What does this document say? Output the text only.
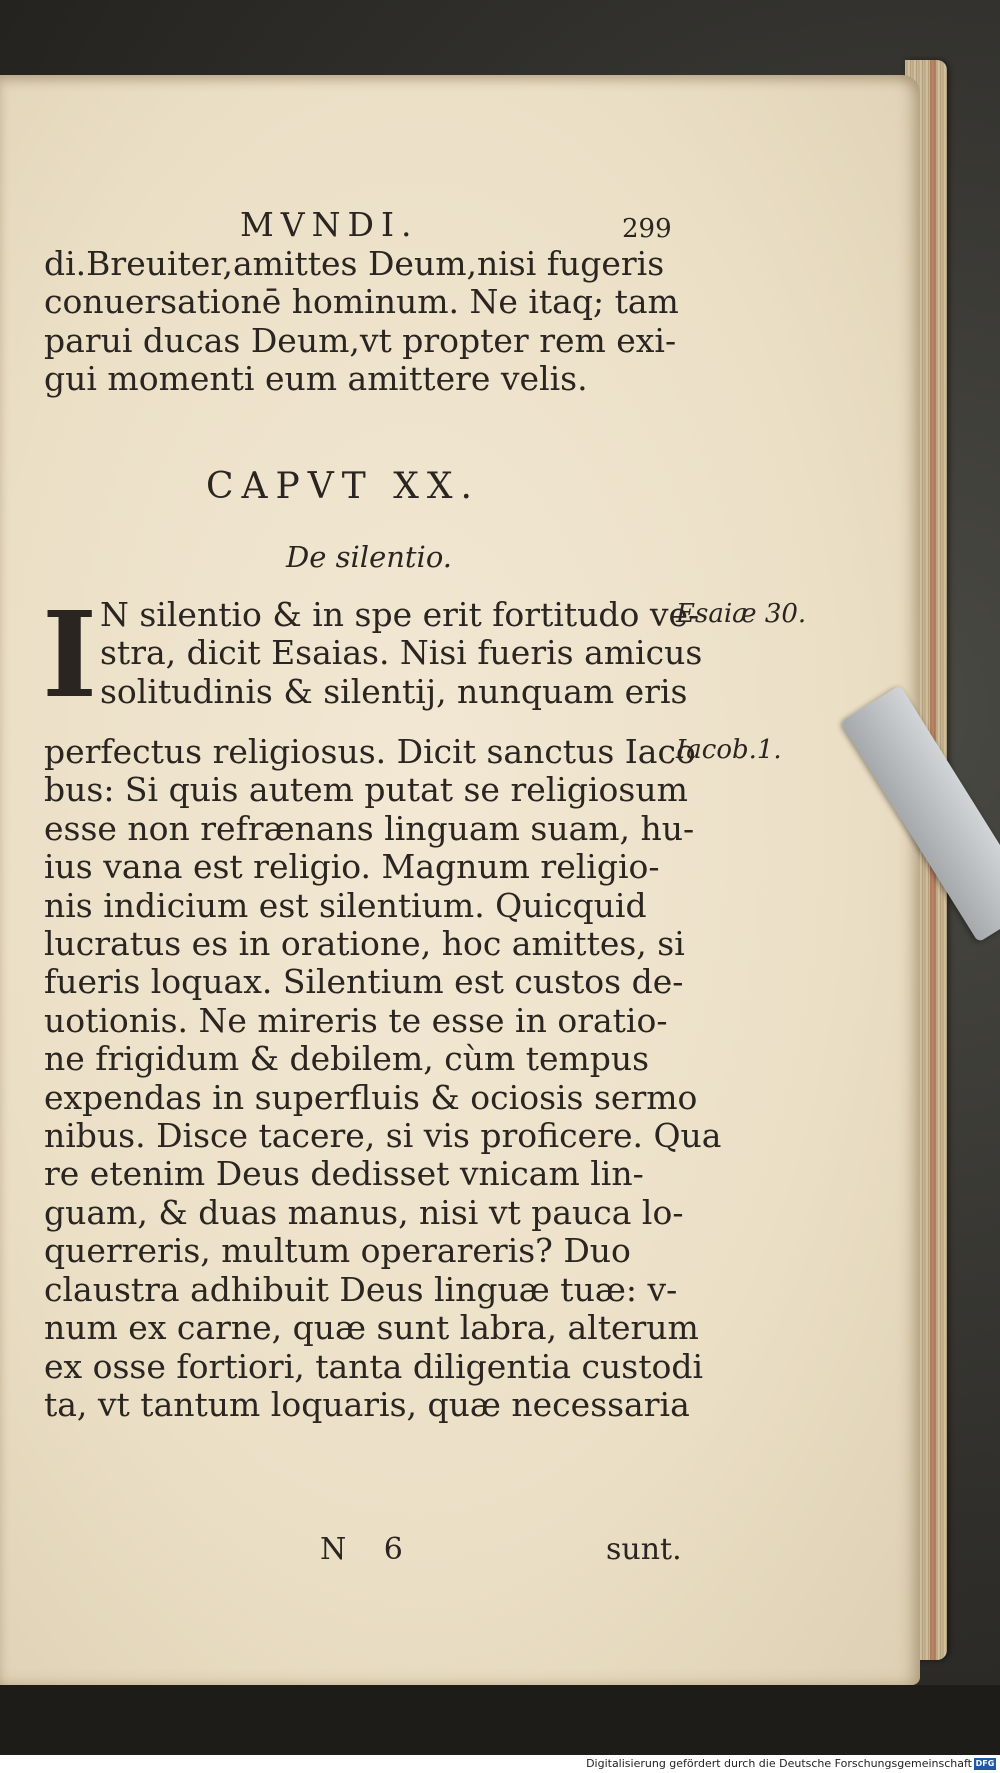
MVNDI.	299
di.Breuiter,amittes Deum,nisi fugeris
conuersationē hominum. Ne itaq; tam
parui ducas Deum,vt propter rem exi-
gui momenti eum amittere velis.
CAPVT XX.
De silentio.
I N silentio & in spe erit fortitudo ve-
stra, dicit Esaias. Nisi fueris amicus
solitudinis & silentij, nunquam eris
perfectus religiosus. Dicit sanctus Iaco
bus: Si quis autem putat se religiosum
esse non refrænans linguam suam, hu-
ius vana est religio. Magnum religio-
nis indicium est silentium. Quicquid
lucratus es in oratione, hoc amittes, si
fueris loquax. Silentium est custos de-
uotionis. Ne mireris te esse in oratio-
ne frigidum & debilem, cùm tempus
expendas in superfluis & ociosis sermo
nibus. Disce tacere, si vis proficere. Qua
re etenim Deus dedisset vnicam lin-
guam, & duas manus, nisi vt pauca lo-
querreris, multum operareris? Duo
claustra adhibuit Deus linguæ tuæ: v-
num ex carne, quæ sunt labra, alterum
ex osse fortiori, tanta diligentia custodi
ta, vt tantum loquaris, quæ necessaria
Esaiæ 30.
Iacob.1.
N 6	sunt.
Digitalisierung gefördert durch die Deutsche Forschungsgemeinschaft DFG
